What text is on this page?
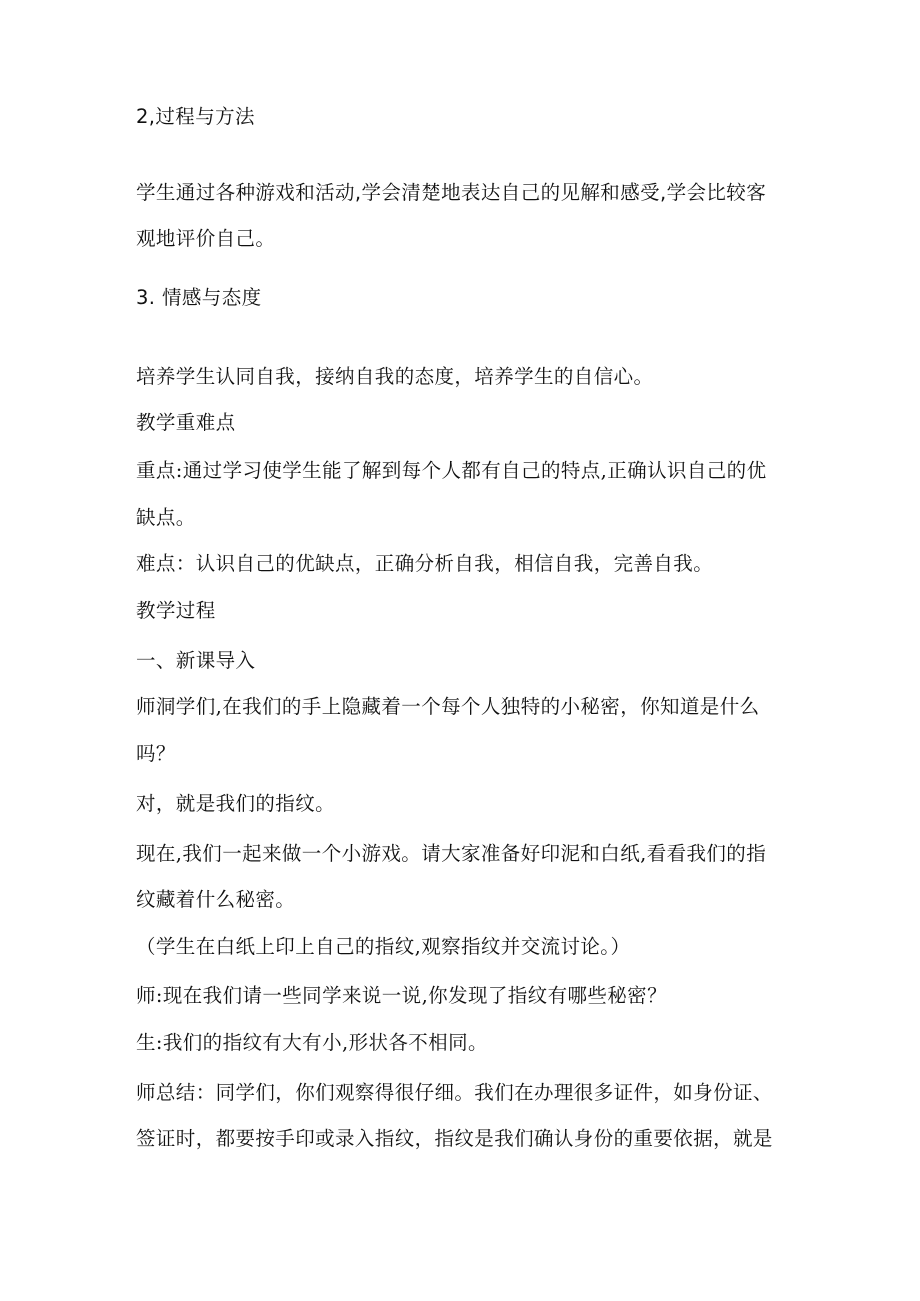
2,过程与方法

学生通过各种游戏和活动,学会清楚地表达自己的见解和感受,学会比较客

观地评价自己。

3. 情感与态度

培养学生认同自我，接纳自我的态度，培养学生的自信心。

教学重难点

重点:通过学习使学生能了解到每个人都有自己的特点,正确认识自己的优

缺点。

难点：认识自己的优缺点，正确分析自我，相信自我，完善自我。

教学过程

一、新课导入

师洞学们,在我们的手上隐藏着一个每个人独特的小秘密，你知道是什么

吗？

对，就是我们的指纹。

现在,我们一起来做一个小游戏。请大家准备好印泥和白纸,看看我们的指

纹藏着什么秘密。

（学生在白纸上印上自己的指纹,观察指纹并交流讨论。）

师:现在我们请一些同学来说一说,你发现了指纹有哪些秘密？

生:我们的指纹有大有小,形状各不相同。

师总结：同学们，你们观察得很仔细。我们在办理很多证件，如身份证、

签证时，都要按手印或录入指纹，指纹是我们确认身份的重要依据，就是
